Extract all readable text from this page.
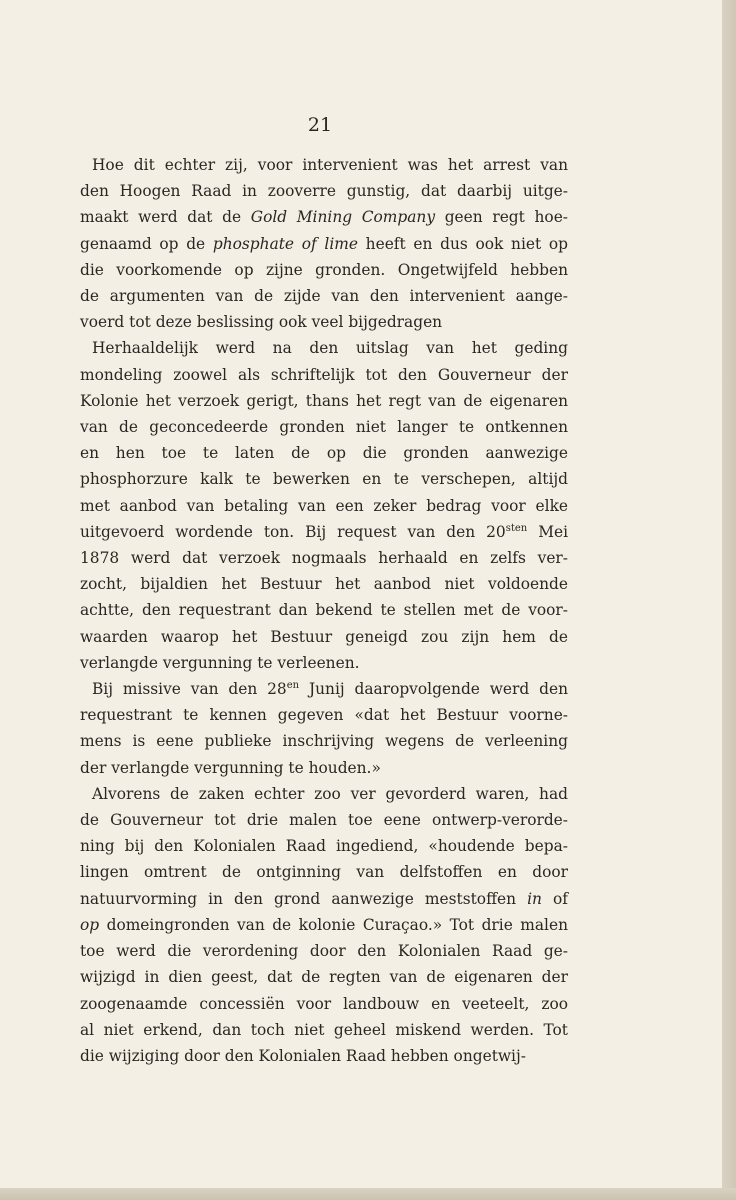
21

Hoe dit echter zij, voor intervenient was het arrest van
den Hoogen Raad in zooverre gunstig, dat daarbij uitge-
maakt werd dat de Gold Mining Company geen regt hoe-
genaamd op de phosphate of lime heeft en dus ook niet op
die voorkomende op zijne gronden. Ongetwijfeld hebben
de argumenten van de zijde van den intervenient aange-
voerd tot deze beslissing ook veel bijgedragen

Herhaaldelijk werd na den uitslag van het geding
mondeling zoowel als schriftelijk tot den Gouverneur der
Kolonie het verzoek gerigt, thans het regt van de eigenaren
van de geconcedeerde gronden niet langer te ontkennen
en hen toe te laten de op die gronden aanwezige
phosphorzure kalk te bewerken en te verschepen, altijd
met aanbod van betaling van een zeker bedrag voor elke
uitgevoerd wordende ton. Bij request van den $20^{sten}$ Mei
1878 werd dat verzoek nogmaals herhaald en zelfs ver-
zocht, bijaldien het Bestuur het aanbod niet voldoende
achtte, den requestrant dan bekend te stellen met de voor-
waarden waarop het Bestuur geneigd zou zijn hem de
verlangde vergunning te verleenen.

Bij missive van den $28^{en}$ Junij daaropvolgende werd den
requestrant te kennen gegeven «dat het Bestuur voorne-
mens is eene publieke inschrijving wegens de verleening
der verlangde vergunning te houden.»

Alvorens de zaken echter zoo ver gevorderd waren, had
de Gouverneur tot drie malen toe eene ontwerp-verorde-
ning bij den Kolonialen Raad ingediend, «houdende bepa-
lingen omtrent de ontginning van delfstoffen en door
natuurvorming in den grond aanwezige meststoffen in of
op domeingronden van de kolonie Curaçao.» Tot drie malen
toe werd die verordening door den Kolonialen Raad ge-
wijzigd in dien geest, dat de regten van de eigenaren der
zoogenaamde concessiën voor landbouw en veeteelt, zoo
al niet erkend, dan toch niet geheel miskend werden. Tot
die wijziging door den Kolonialen Raad hebben ongetwij-
